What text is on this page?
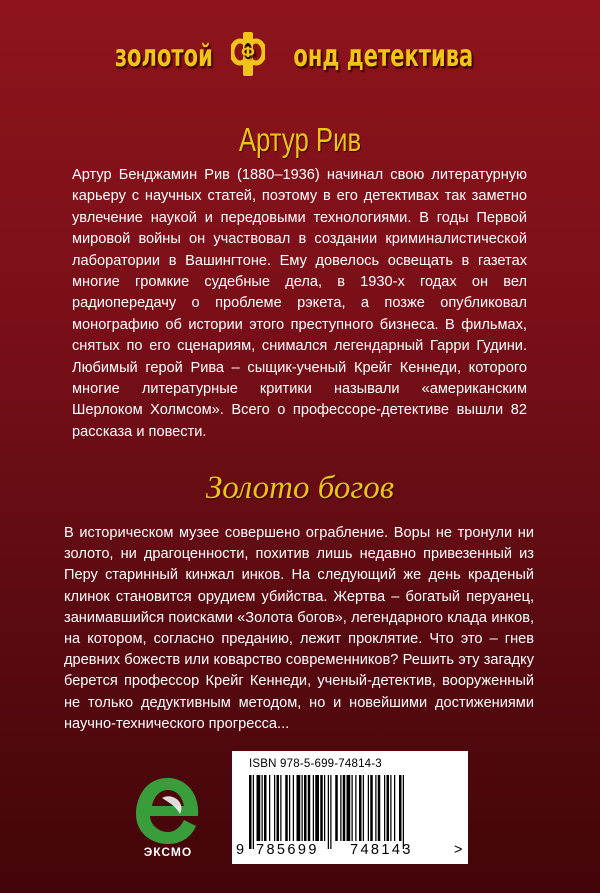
золотой Ф онд детектива
Артур Рив
Артур Бенджамин Рив (1880–1936) начинал свою литературную карьеру с научных статей, поэтому в его детективах так заметно увлечение наукой и передовыми технологиями. В годы Первой мировой войны он участвовал в создании криминалистической лаборатории в Вашингтоне. Ему довелось освещать в газетах многие громкие судебные дела, в 1930-х годах он вел радиопередачу о проблеме рэкета, а позже опубликовал монографию об истории этого преступного бизнеса. В фильмах, снятых по его сценариям, снимался легендарный Гарри Гудини. Любимый герой Рива – сыщик-ученый Крейг Кеннеди, которого многие литературные критики называли «американским Шерлоком Холмсом». Всего о профессоре-детективе вышли 82 рассказа и повести.
Золото богов
В историческом музее совершено ограбление. Воры не тронули ни золото, ни драгоценности, похитив лишь недавно привезенный из Перу старинный кинжал инков. На следующий же день краденый клинок становится орудием убийства. Жертва – богатый перуанец, занимавшийся поисками «Золота богов», легендарного клада инков, на котором, согласно преданию, лежит проклятие. Что это – гнев древних божеств или коварство современников? Решить эту загадку берется профессор Крейг Кеннеди, ученый-детектив, вооруженный не только дедуктивным методом, но и новейшими достижениями научно-технического прогресса...
ЭКСМО
ISBN 978-5-699-74814-3
9 785699 748143	>
